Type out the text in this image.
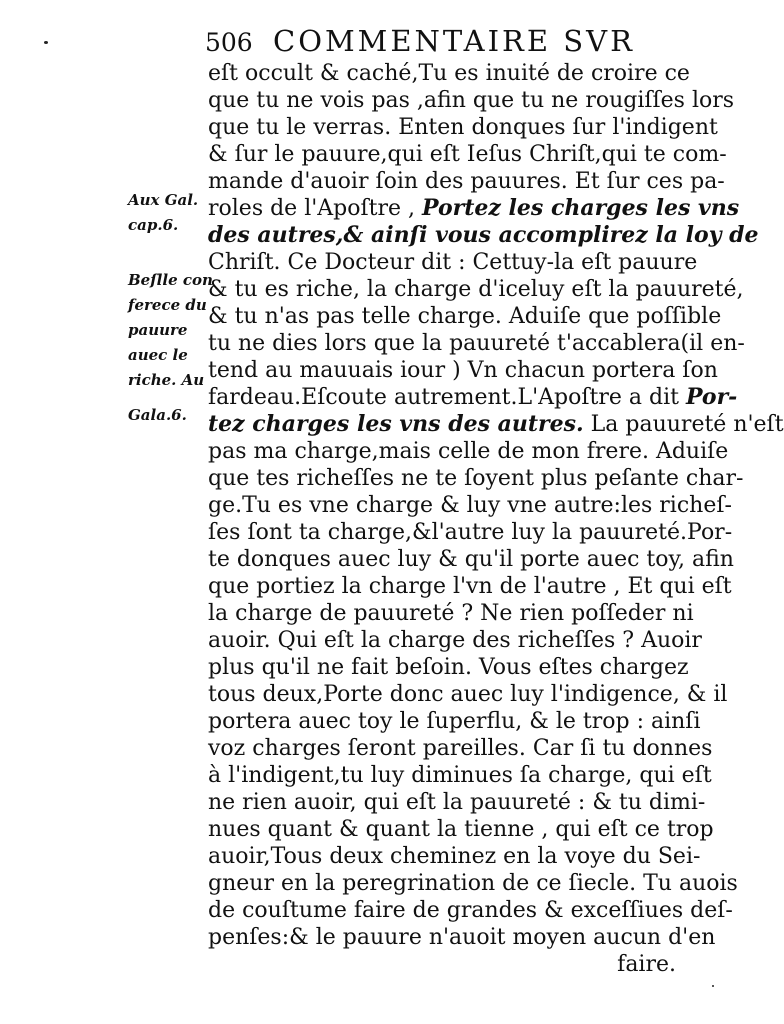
506 COMMENTAIRE SVR
Aux Gal.
cap.6.
Beſlle con
ferece du
pauure
auec le
riche. Au
Gala.6.
eſt occult & caché,Tu es inuité de croire ce
que tu ne vois pas ,afin que tu ne rougiſſes lors
que tu le verras. Enten donques ſur l'indigent
& ſur le pauure,qui eſt Ieſus Chriſt,qui te com-
mande d'auoir ſoin des pauures. Et ſur ces pa-
roles de l'Apoſtre , Portez les charges les vns
des autres,& ainſi vous accomplirez la loy de
Chriſt. Ce Docteur dit : Cettuy-la eſt pauure
& tu es riche, la charge d'iceluy eſt la pauureté,
& tu n'as pas telle charge. Aduiſe que poſſible
tu ne dies lors que la pauureté t'accablera(il en-
tend au mauuais iour ) Vn chacun portera ſon
fardeau.Eſcoute autrement.L'Apoſtre a dit Por-
tez charges les vns des autres. La pauureté n'eſt
pas ma charge,mais celle de mon frere. Aduiſe
que tes richeſſes ne te ſoyent plus peſante char-
ge.Tu es vne charge & luy vne autre:les richeſ-
ſes ſont ta charge,&l'autre luy la pauureté.Por-
te donques auec luy & qu'il porte auec toy, afin
que portiez la charge l'vn de l'autre , Et qui eſt
la charge de pauureté ? Ne rien poſſeder ni
auoir. Qui eſt la charge des richeſſes ? Auoir
plus qu'il ne fait beſoin. Vous eſtes chargez
tous deux,Porte donc auec luy l'indigence, & il
portera auec toy le ſuperflu, & le trop : ainſi
voz charges ſeront pareilles. Car ſi tu donnes
à l'indigent,tu luy diminues ſa charge, qui eſt
ne rien auoir, qui eſt la pauureté : & tu dimi-
nues quant & quant la tienne , qui eſt ce trop
auoir,Tous deux cheminez en la voye du Sei-
gneur en la peregrination de ce ſiecle. Tu auois
de couſtume faire de grandes & exceſſiues deſ-
penſes:& le pauure n'auoit moyen aucun d'en
faire.
